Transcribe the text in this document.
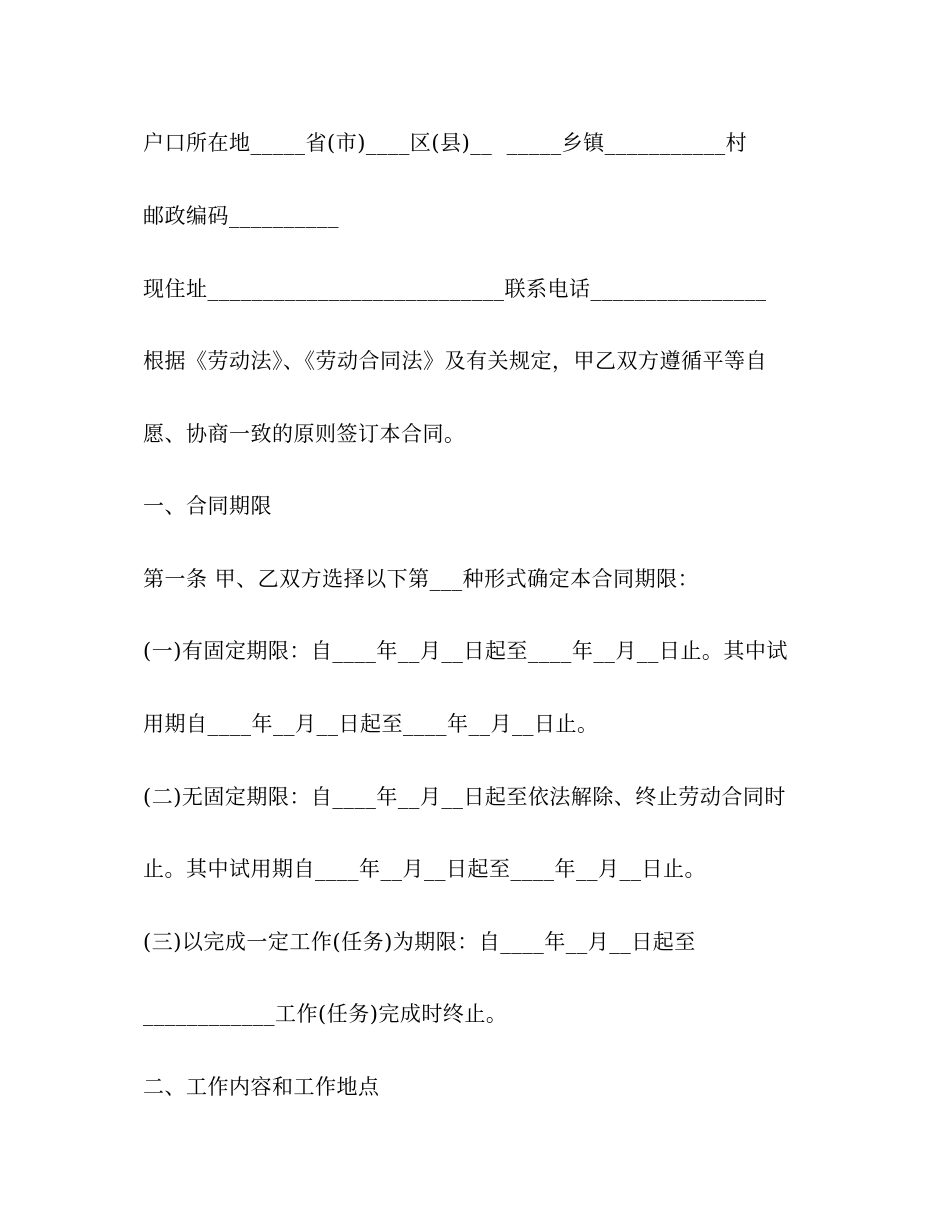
户口所在地_____省(市)____区(县)__  _____乡镇___________村
邮政编码__________
现住址___________________________联系电话________________
根据《劳动法》、《劳动合同法》及有关规定，甲乙双方遵循平等自
愿、协商一致的原则签订本合同。
一、合同期限
第一条 甲、乙双方选择以下第___种形式确定本合同期限：
(一)有固定期限：自____年__月__日起至____年__月__日止。其中试
用期自____年__月__日起至____年__月__日止。
(二)无固定期限：自____年__月__日起至依法解除、终止劳动合同时
止。其中试用期自____年__月__日起至____年__月__日止。
(三)以完成一定工作(任务)为期限：自____年__月__日起至
____________工作(任务)完成时终止。
二、工作内容和工作地点
